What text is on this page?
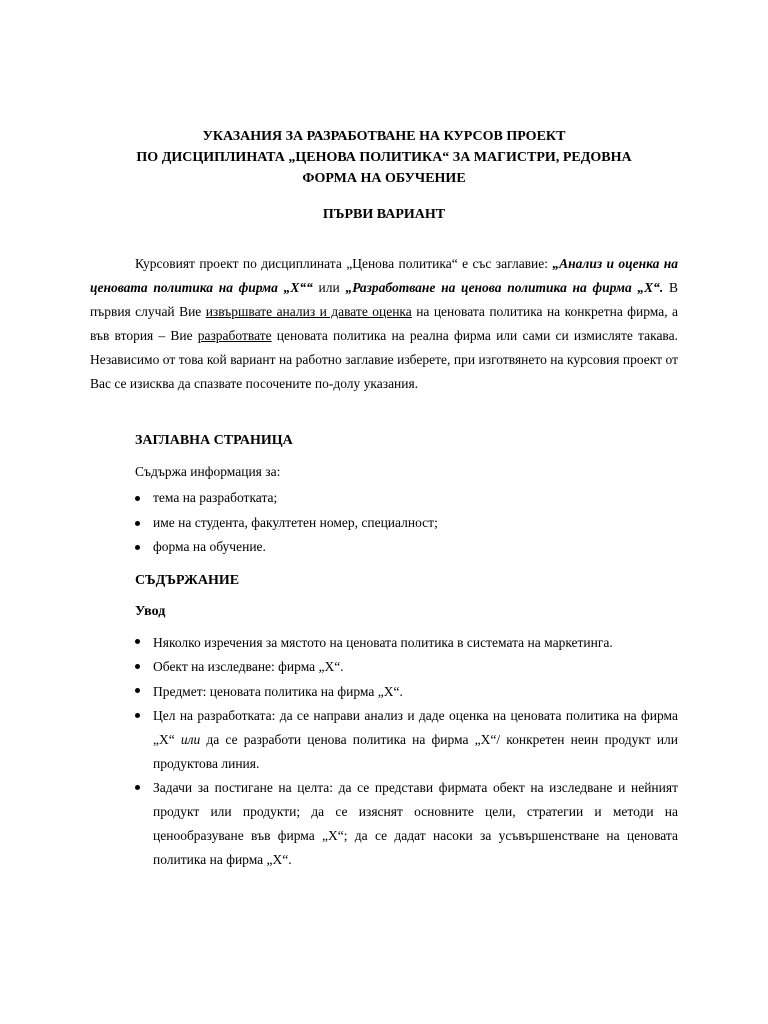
УКАЗАНИЯ ЗА РАЗРАБОТВАНЕ НА КУРСОВ ПРОЕКТ
ПО ДИСЦИПЛИНАТА „ЦЕНОВА ПОЛИТИКА“ ЗА МАГИСТРИ, РЕДОВНА
ФОРМА НА ОБУЧЕНИЕ
ПЪРВИ ВАРИАНТ

Курсовият проект по дисциплината „Ценова политика“ е със заглавие: „Анализ и оценка на ценовата политика на фирма „Х““ или „Разработване на ценова политика на фирма „Х“. В първия случай Вие извършвате анализ и давате оценка на ценовата политика на конкретна фирма, а във втория – Вие разработвате ценовата политика на реална фирма или сами си измисляте такава. Независимо от това кой вариант на работно заглавие изберете, при изготвянето на курсовия проект от Вас се изисква да спазвате посочените по-долу указания.

ЗАГЛАВНА СТРАНИЦА

Съдържа информация за:

тема на разработката;
име на студента, факултетен номер, специалност;
форма на обучение.
СЪДЪРЖАНИЕ
Увод
Няколко изречения за мястото на ценовата политика в системата на маркетинга.
Обект на изследване: фирма „Х“.
Предмет: ценовата политика на фирма „Х“.
Цел на разработката: да се направи анализ и даде оценка на ценовата политика на фирма „Х“ или да се разработи ценова политика на фирма „Х“/ конкретен неин продукт или продуктова линия.
Задачи за постигане на целта: да се представи фирмата обект на изследване и нейният продукт или продукти; да се изяснят основните цели, стратегии и методи на ценообразуване във фирма „Х“; да се дадат насоки за усъвършенстване на ценовата политика на фирма „Х“.
